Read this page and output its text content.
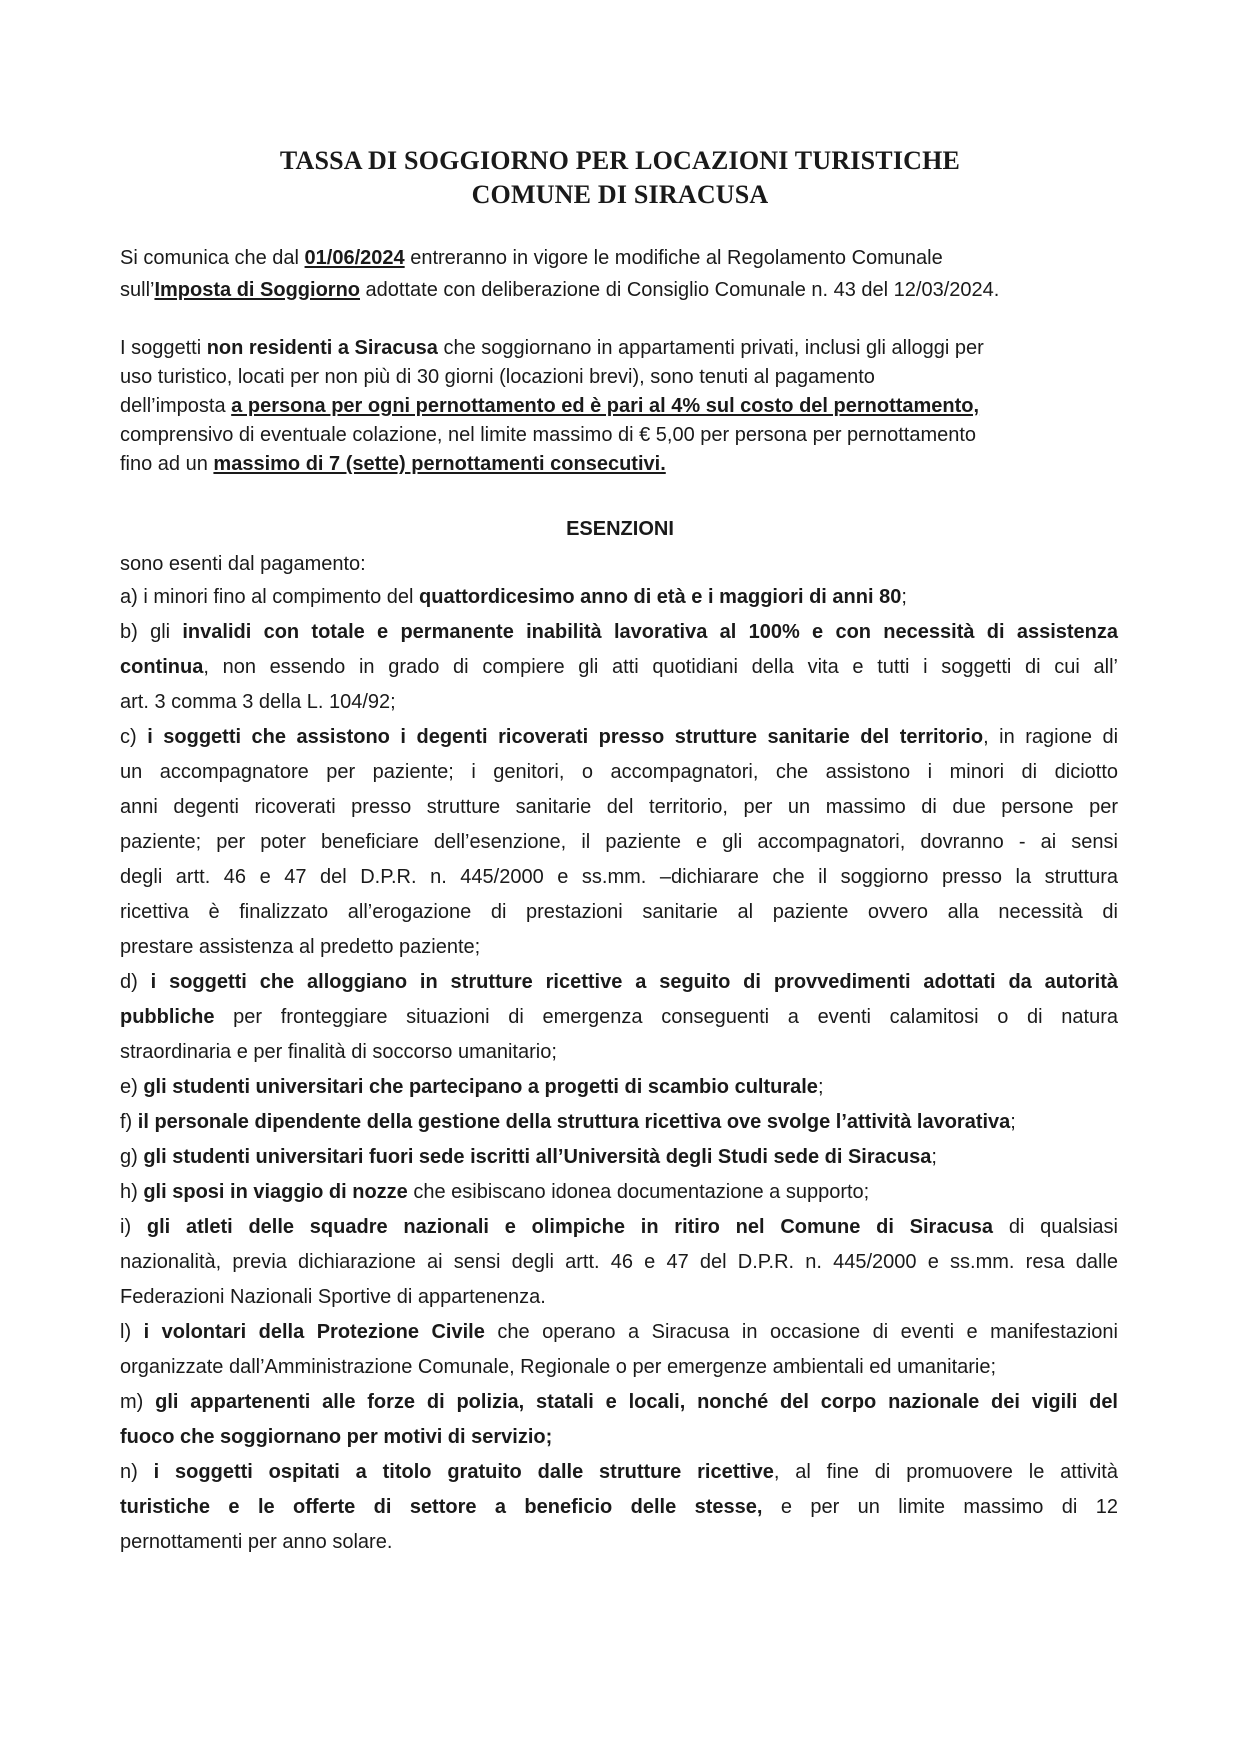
TASSA DI SOGGIORNO PER LOCAZIONI TURISTICHE
COMUNE DI SIRACUSA

Si comunica che dal 01/06/2024 entreranno in vigore le modifiche al Regolamento Comunale
sull’Imposta di Soggiorno adottate con deliberazione di Consiglio Comunale n. 43 del 12/03/2024.

I soggetti non residenti a Siracusa che soggiornano in appartamenti privati, inclusi gli alloggi per
uso turistico, locati per non più di 30 giorni (locazioni brevi), sono tenuti al pagamento
dell’imposta a persona per ogni pernottamento ed è pari al 4% sul costo del pernottamento,
comprensivo di eventuale colazione, nel limite massimo di € 5,00 per persona per pernottamento
fino ad un massimo di 7 (sette) pernottamenti consecutivi.

ESENZIONI

sono esenti dal pagamento:

a) i minori fino al compimento del quattordicesimo anno di età e i maggiori di anni 80;

b) gli invalidi con totale e permanente inabilità lavorativa al 100% e con necessità di assistenza
continua, non essendo in grado di compiere gli atti quotidiani della vita e tutti i soggetti di cui all’
art. 3 comma 3 della L. 104/92;

c) i soggetti che assistono i degenti ricoverati presso strutture sanitarie del territorio, in ragione di
un accompagnatore per paziente; i genitori, o accompagnatori, che assistono i minori di diciotto
anni degenti ricoverati presso strutture sanitarie del territorio, per un massimo di due persone per
paziente; per poter beneficiare dell’esenzione, il paziente e gli accompagnatori, dovranno - ai sensi
degli artt. 46 e 47 del D.P.R. n. 445/2000 e ss.mm. –dichiarare che il soggiorno presso la struttura
ricettiva è finalizzato all’erogazione di prestazioni sanitarie al paziente ovvero alla necessità di
prestare assistenza al predetto paziente;

d) i soggetti che alloggiano in strutture ricettive a seguito di provvedimenti adottati da autorità
pubbliche per fronteggiare situazioni di emergenza conseguenti a eventi calamitosi o di natura
straordinaria e per finalità di soccorso umanitario;

e) gli studenti universitari che partecipano a progetti di scambio culturale;

f) il personale dipendente della gestione della struttura ricettiva ove svolge l’attività lavorativa;

g) gli studenti universitari fuori sede iscritti all’Università degli Studi sede di Siracusa;

h) gli sposi in viaggio di nozze che esibiscano idonea documentazione a supporto;

i) gli atleti delle squadre nazionali e olimpiche in ritiro nel Comune di Siracusa di qualsiasi
nazionalità, previa dichiarazione ai sensi degli artt. 46 e 47 del D.P.R. n. 445/2000 e ss.mm. resa dalle
Federazioni Nazionali Sportive di appartenenza.

l) i volontari della Protezione Civile che operano a Siracusa in occasione di eventi e manifestazioni
organizzate dall’Amministrazione Comunale, Regionale o per emergenze ambientali ed umanitarie;

m) gli appartenenti alle forze di polizia, statali e locali, nonché del corpo nazionale dei vigili del
fuoco che soggiornano per motivi di servizio;

n) i soggetti ospitati a titolo gratuito dalle strutture ricettive, al fine di promuovere le attività
turistiche e le offerte di settore a beneficio delle stesse, e per un limite massimo di 12
pernottamenti per anno solare.
